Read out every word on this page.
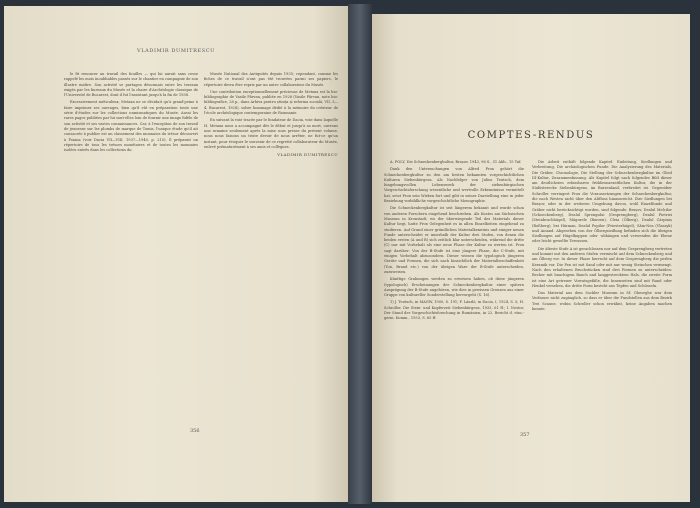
VLADIMIR DUMITRESCU

le fit renoncer au travail des fouilles — qui lui aurait sans cesse rappelé les mois inoubliables passés sur le chantier en compagnie de son illustre maître. Son activité se partagea désormais entre les travaux exigés par les bureaux du Musée et la chaire d'Archéologie classique de l'Université de Bucarest, dont il fut l'assistant jusqu'à la fin de 1938.

Excessivement méticuleux, Metaxa ne se décidait qu'à grand'peine à faire imprimer ses ouvrages, bien qu'il eût en préparation toute une série d'études sur les collections numismatiques du Musée. Aussi les rares pages publiées par lui sont-elles loin de fournir une image fidèle de son activité et ses vastes connaissances. Car, à l'exception de son travail de jeunesse sur les plombs de marque de Tomis, l'unique étude qu'il ait consacrée à publier est un classement des monnaies du trésor découvert à Poiana (voir Dacia VII—VIII, 1937—1940, p. 210). Il préparait un répertoire de tous les trésors monétaires et de toutes les monnaies isolées entrés dans les collections du

Musée National des Antiquités depuis 1935; cependant, comme les fiches de ce travail n'ont pas été trouvées parmi ses papiers, le répertoire devra être repris par un autre collaborateur du Musée.

Une contribution exceptionnellement précieuse de Metaxa est la bio-bibliographie de Vasile Pârvan, publiée en 1928 (Vasile Pârvan, note bio-bibliografice, 28 p., dans Arhiva pentru știința și reforma socială, VII, 3—4, Bucarest, 1928), sobre hommage dédié à la mémoire du créateur de l'école archéologique contemporaine de Roumanie.

En suivant la voie tracée par le fondateur de Dacia, voie dans laquelle H. Metaxa nous a accompagné dès le début et jusqu'à sa mort, ouvrons une semaine seulement après la mise sous presse du présent volume, nous nous faisons un triste devoir de nous arrêter, ne fut-ce qu'un instant, pour évoquer le souvenir de ce regretté collaborateur du Musée, enlevé prématurément à ses amis et collègues.

VLADIMIR DUMITRESCU
356
COMPTES-RENDUS

A. POLY, Die Schneckenberghultur, Brașov, 1943, 96 S., 51 Abb., 15 Taf.

Dank den Untersuchungen von Alfred Prox gehört die Schneckenbergkultur zu den am besten bekannten vorgeschichtlichen Kulturen Siebenbürgens. Als Nachfolger von Julius Teutsch, dem hingebungsvollen Lebenswerk der siebenbürgischen Vorgeschichtsforschung wesentliche und wertvolle Erkenntnisse vermittelt hat, setzt Prox sein Wirken fort und gibt in seiner Darstellung eine in jeder Beziehung vorbildliche vorgeschichtliche Monographie.

Die Schneckenbergkultur ist seit längerem bekannt und wurde schon von anderen Forschern eingehend beschrieben. Als Kustos am Sächsischen Museum in Kronstadt, wo der überwiegende Teil des Materials dieser Kultur liegt, hatte Prox Gelegenheit es in allen Einzelheiten eingehend zu studieren. Auf Grund einer gründlichen Materialkenntnis und einiger neuen Funde unterscheidet er innerhalb der Kultur drei Stufen, von denen die beiden ersten (A und B) sich zeitlich klar unterscheiden, während die dritte (C) nur mit Vorbehalt als eine neue Phase der Kultur zu werten ist. Prox sagt darüber: Von der B-Stufe ist eine jüngere Phase, die C-Stufe, mit einigen Vorbehalt abzusondern. Dieser wiesen die typologisch jüngeren Gerüte und Formen, die sich nach hinsichtlich der Materialbeschaffenheit (Ton, Brand etc.) von der übrigen Ware der B-Stufe unterscheiden, zuzuweisen.

Künftige Grabungen werden zu erweisen haben, ob diese jüngeren (typologisch) Erscheinungen der Schneckenbergkultur einer spätern Ausprägung der B-Stufe angehören, wie dies in gewissen Grenzen aus einer Gruppe von kultureller Sonderstellung hervorgeht (S. 16).

1) J. Teutsch, in MAGW, 1900, S. 191; F. László, in Dacia, I, 1924, S. 5; H. Schroller, Die Stein- und Kupferzeit Siebenbürgens, 1933, 61 ff.; I. Nestor, Der Stand der Vorgeschichtsforschung in Rumänien, in 22. Bericht d. röm.-germ. Komm., 1933, S. 65 ff.

Die Arbeit enthält folgende Kapitel: Einleitung, Siedlungen und Verbreitung, Die archäologischen Funde: Die Analysierung des Materials, Die Gräber, Chronologie, Die Stellung der Schneckenbergkultur im Glied III-Kultur, Zusammenfassung. Als Kapitel folgt nach folgendes Bild dieser am deutlichsten erfassbaren frühbronzezeitlichen Kultur, die in der Südösterecke Siebenbürgens, im Burzenland, verbreitet ist. Gegenüber Schroller verringert Prox die Voraussetzungen der Schneckenbergkultur, die nach Westen nicht über den Altfluss hinausreicht. Ihre Siedlungen bei Brașov, oder in der weiteren Umgebung davon, wohl Einzelfunde und Gräber nicht berücksichtigt worden, sind folgende: Brașov, Dealul Melcilor (Schneckenberg), Dealul Sprengului (Gesprengberg), Dealul Pietriei (Steinbruchhügel), Măgurele (Burzen), Cleia (Ölberg), Dealul Cărpiniș (Roßberg), bei Hărman, Dealul Popilor (Priesterhügel), Sâm-Nea (Vlaszyk) und Aniand. Abgesehen von der Ölbergsiedlung befinden sich die übrigen Siedlungen auf Hügelkuppen oder -abhängen und verwenden die Ebene oder leicht gewellte Terrassen.

Die älteste Stufe A ist gerachlossen nur auf dem Gesprengberg vertreten und kommt mit den anderen Stufen vermischt auf dem Schneckenberg und am Ölberg vor. In dieser Phase herrscht auf dem Gesprengberg die perlen Keramik vor. Die Fen ist mit Sand oder mit nur wenig Steinchen vermengt. Nach den erhaltenen Bruchstücken sind drei Formen zu unterscheiden: Becher mit bauchigem Bauch und langgestrecktem Hals, die zweite Form ist eine Art getreuer Vorratsgefäße, die Innenseiten sind mit Rand oder Henkel versehen, die dritte Form besteht aus Töpfen und Schüsseln.

Das Material aus dem Sockler Museum in Sf. Gheorghe war dem Verfasser nicht zugänglich, so dass er über die Fundstellen aus dem Bezirk Trei Scaune, wohin Schroller schon erwähnt, keine Angaben machen konnte.

357
